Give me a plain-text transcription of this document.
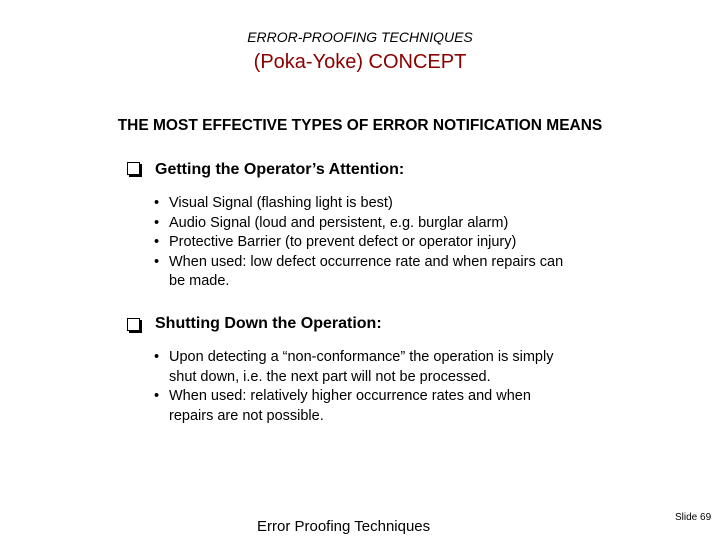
ERROR-PROOFING TECHNIQUES
(Poka-Yoke) CONCEPT
THE MOST EFFECTIVE TYPES OF ERROR NOTIFICATION MEANS
Getting the Operator’s Attention:
• Visual Signal (flashing light is best)
• Audio Signal (loud and persistent, e.g. burglar alarm)
• Protective Barrier (to prevent defect or operator injury)
• When used: low defect occurrence rate and when repairs can be made.
Shutting Down the Operation:
• Upon detecting a “non-conformance” the operation is simply shut down, i.e. the next part will not be processed.
• When used: relatively higher occurrence rates and when repairs are not possible.
Error Proofing Techniques
Slide 69
